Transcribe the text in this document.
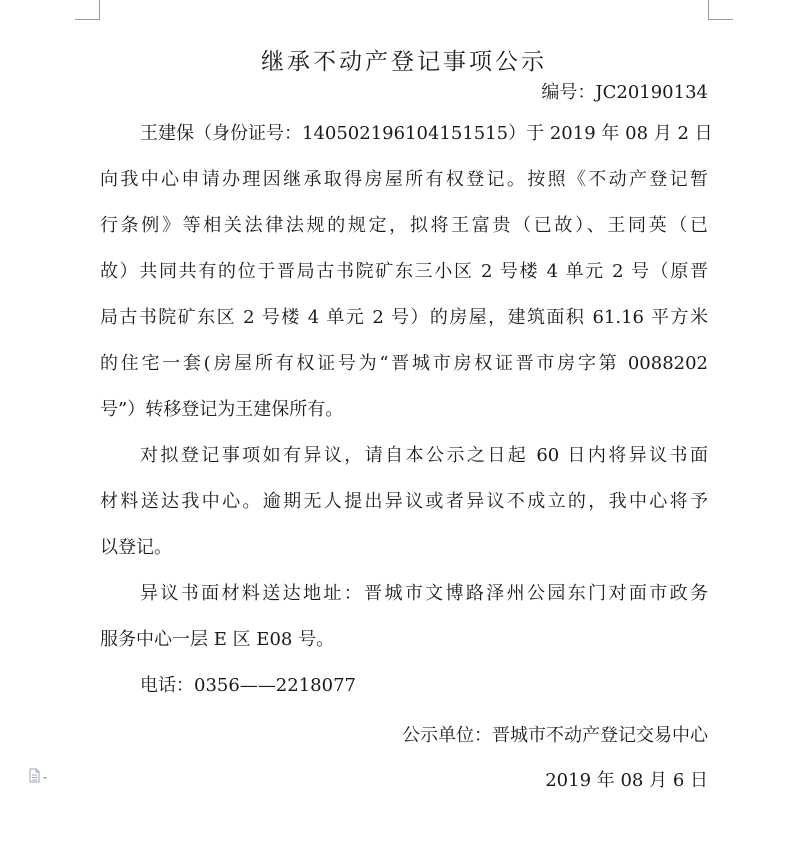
继承不动产登记事项公示
编号：JC20190134
王建保（身份证号：140502196104151515）于 2019 年 08 月 2 日
向我中心申请办理因继承取得房屋所有权登记。按照《不动产登记暂
行条例》等相关法律法规的规定，拟将王富贵（已故）、王同英（已
故）共同共有的位于晋局古书院矿东三小区 2 号楼 4 单元 2 号（原晋
局古书院矿东区 2 号楼 4 单元 2 号）的房屋，建筑面积 61.16 平方米
的住宅一套(房屋所有权证号为“晋城市房权证晋市房字第 0088202
号”）转移登记为王建保所有。
对拟登记事项如有异议，请自本公示之日起 60 日内将异议书面
材料送达我中心。逾期无人提出异议或者异议不成立的，我中心将予
以登记。
异议书面材料送达地址：晋城市文博路泽州公园东门对面市政务
服务中心一层 E 区 E08 号。
电话：0356——2218077
公示单位：晋城市不动产登记交易中心
2019 年 08 月 6 日
